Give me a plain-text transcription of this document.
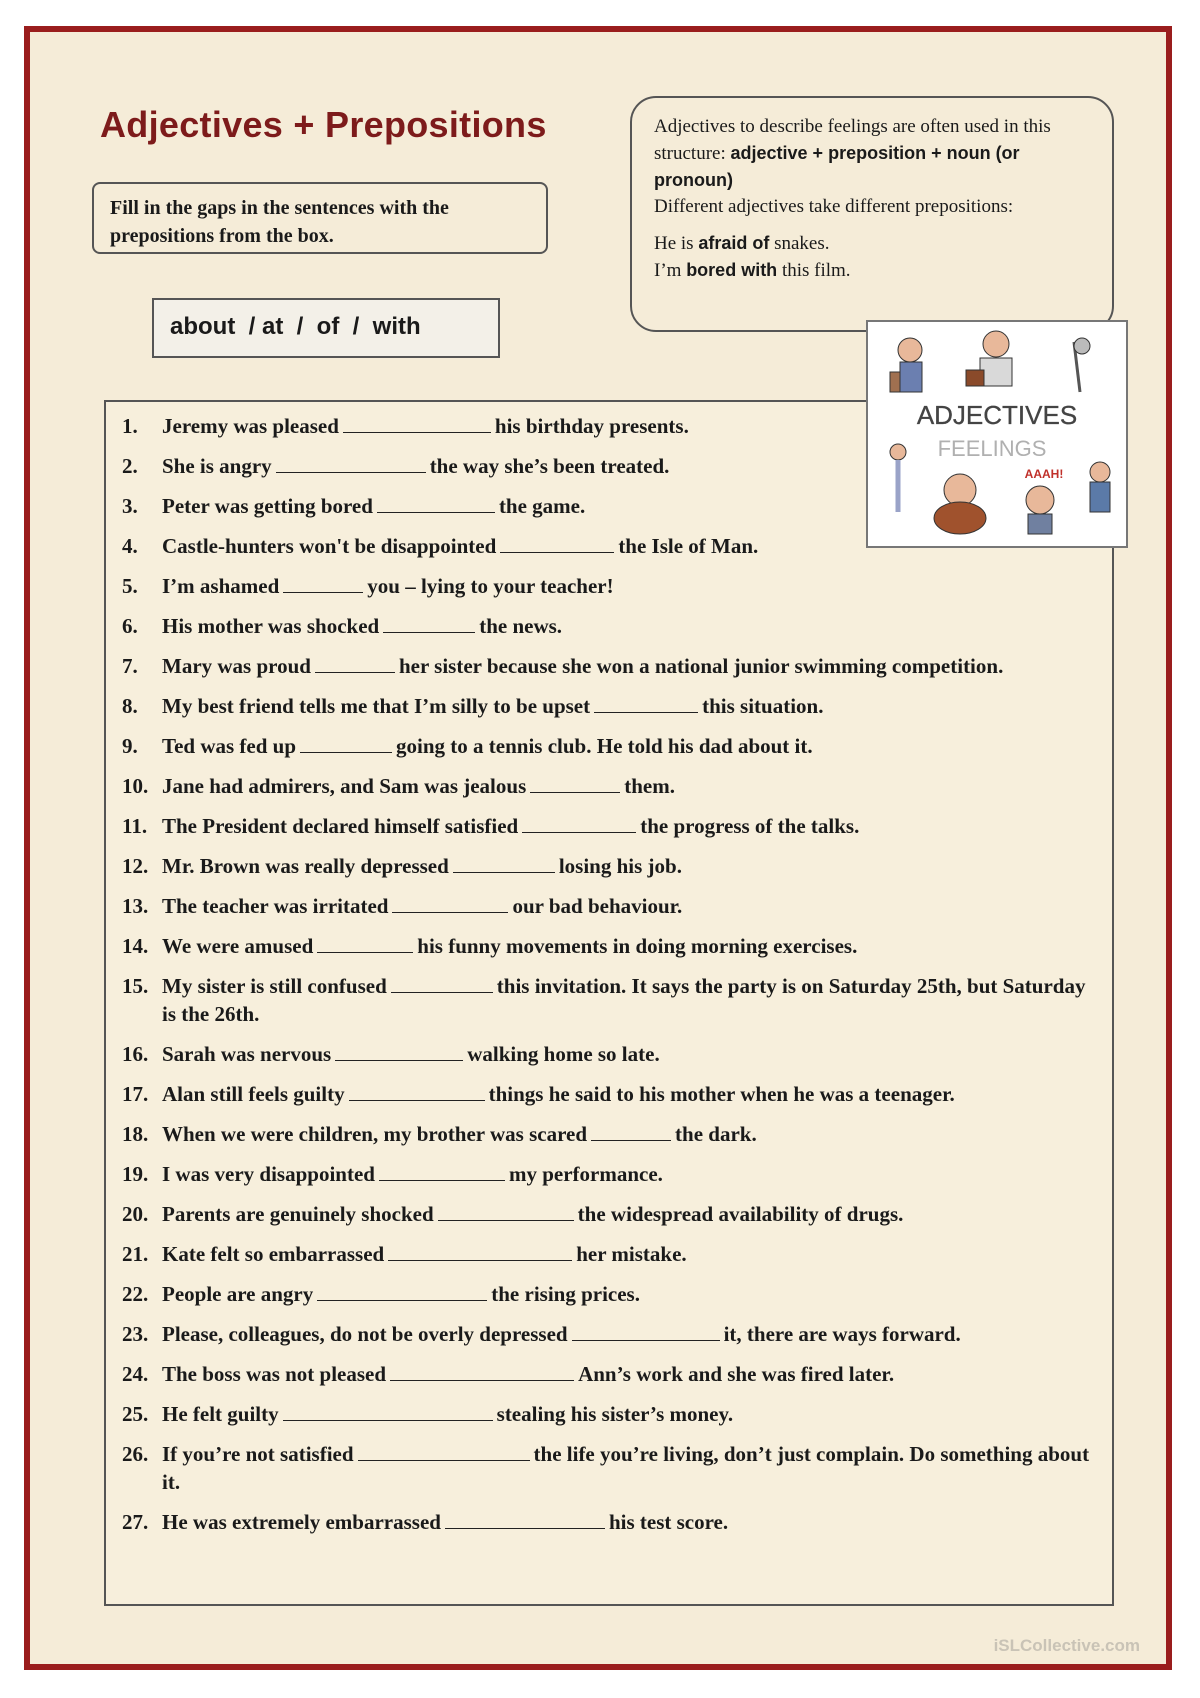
Adjectives + Prepositions
Fill in the gaps in the sentences with the prepositions from the box.
about  / at  /  of  /  with

Adjectives to describe feelings are often used in this structure: adjective + preposition + noun (or pronoun)

Different adjectives take different prepositions:

He is afraid of snakes.

I’m bored with this film.

ADJECTIVES
FEELINGS
AAAH!
1. Jeremy was pleased	his birthday presents.
2. She is angry	the way she’s been treated.
3. Peter was getting bored	the game.
4. Castle-hunters won't be disappointed	the Isle of Man.
5. I’m ashamed	you – lying to your teacher!
6. His mother was shocked	the news.
7. Mary was proud	her sister because she won a national junior swimming competition.
8. My best friend tells me that I’m silly to be upset	this situation.
9. Ted was fed up	going to a tennis club. He told his dad about it.
10. Jane had admirers, and Sam was jealous	them.
11. The President declared himself satisfied	the progress of the talks.
12. Mr. Brown was really depressed	losing his job.
13. The teacher was irritated	our bad behaviour.
14. We were amused	his funny movements in doing morning exercises.
15. My sister is still confused	this invitation. It says the party is on Saturday 25th, but Saturday is the 26th.
16. Sarah was nervous	walking home so late.
17. Alan still feels guilty	things he said to his mother when he was a teenager.
18. When we were children, my brother was scared	the dark.
19. I was very disappointed	my performance.
20. Parents are genuinely shocked	the widespread availability of drugs.
21. Kate felt so embarrassed	her mistake.
22. People are angry	the rising prices.
23. Please, colleagues, do not be overly depressed	it, there are ways forward.
24. The boss was not pleased	Ann’s work and she was fired later.
25. He felt guilty	stealing his sister’s money.
26. If you’re not satisfied	the life you’re living, don’t just complain. Do something about it.
27. He was extremely embarrassed	his test score.
iSLCollective.com
